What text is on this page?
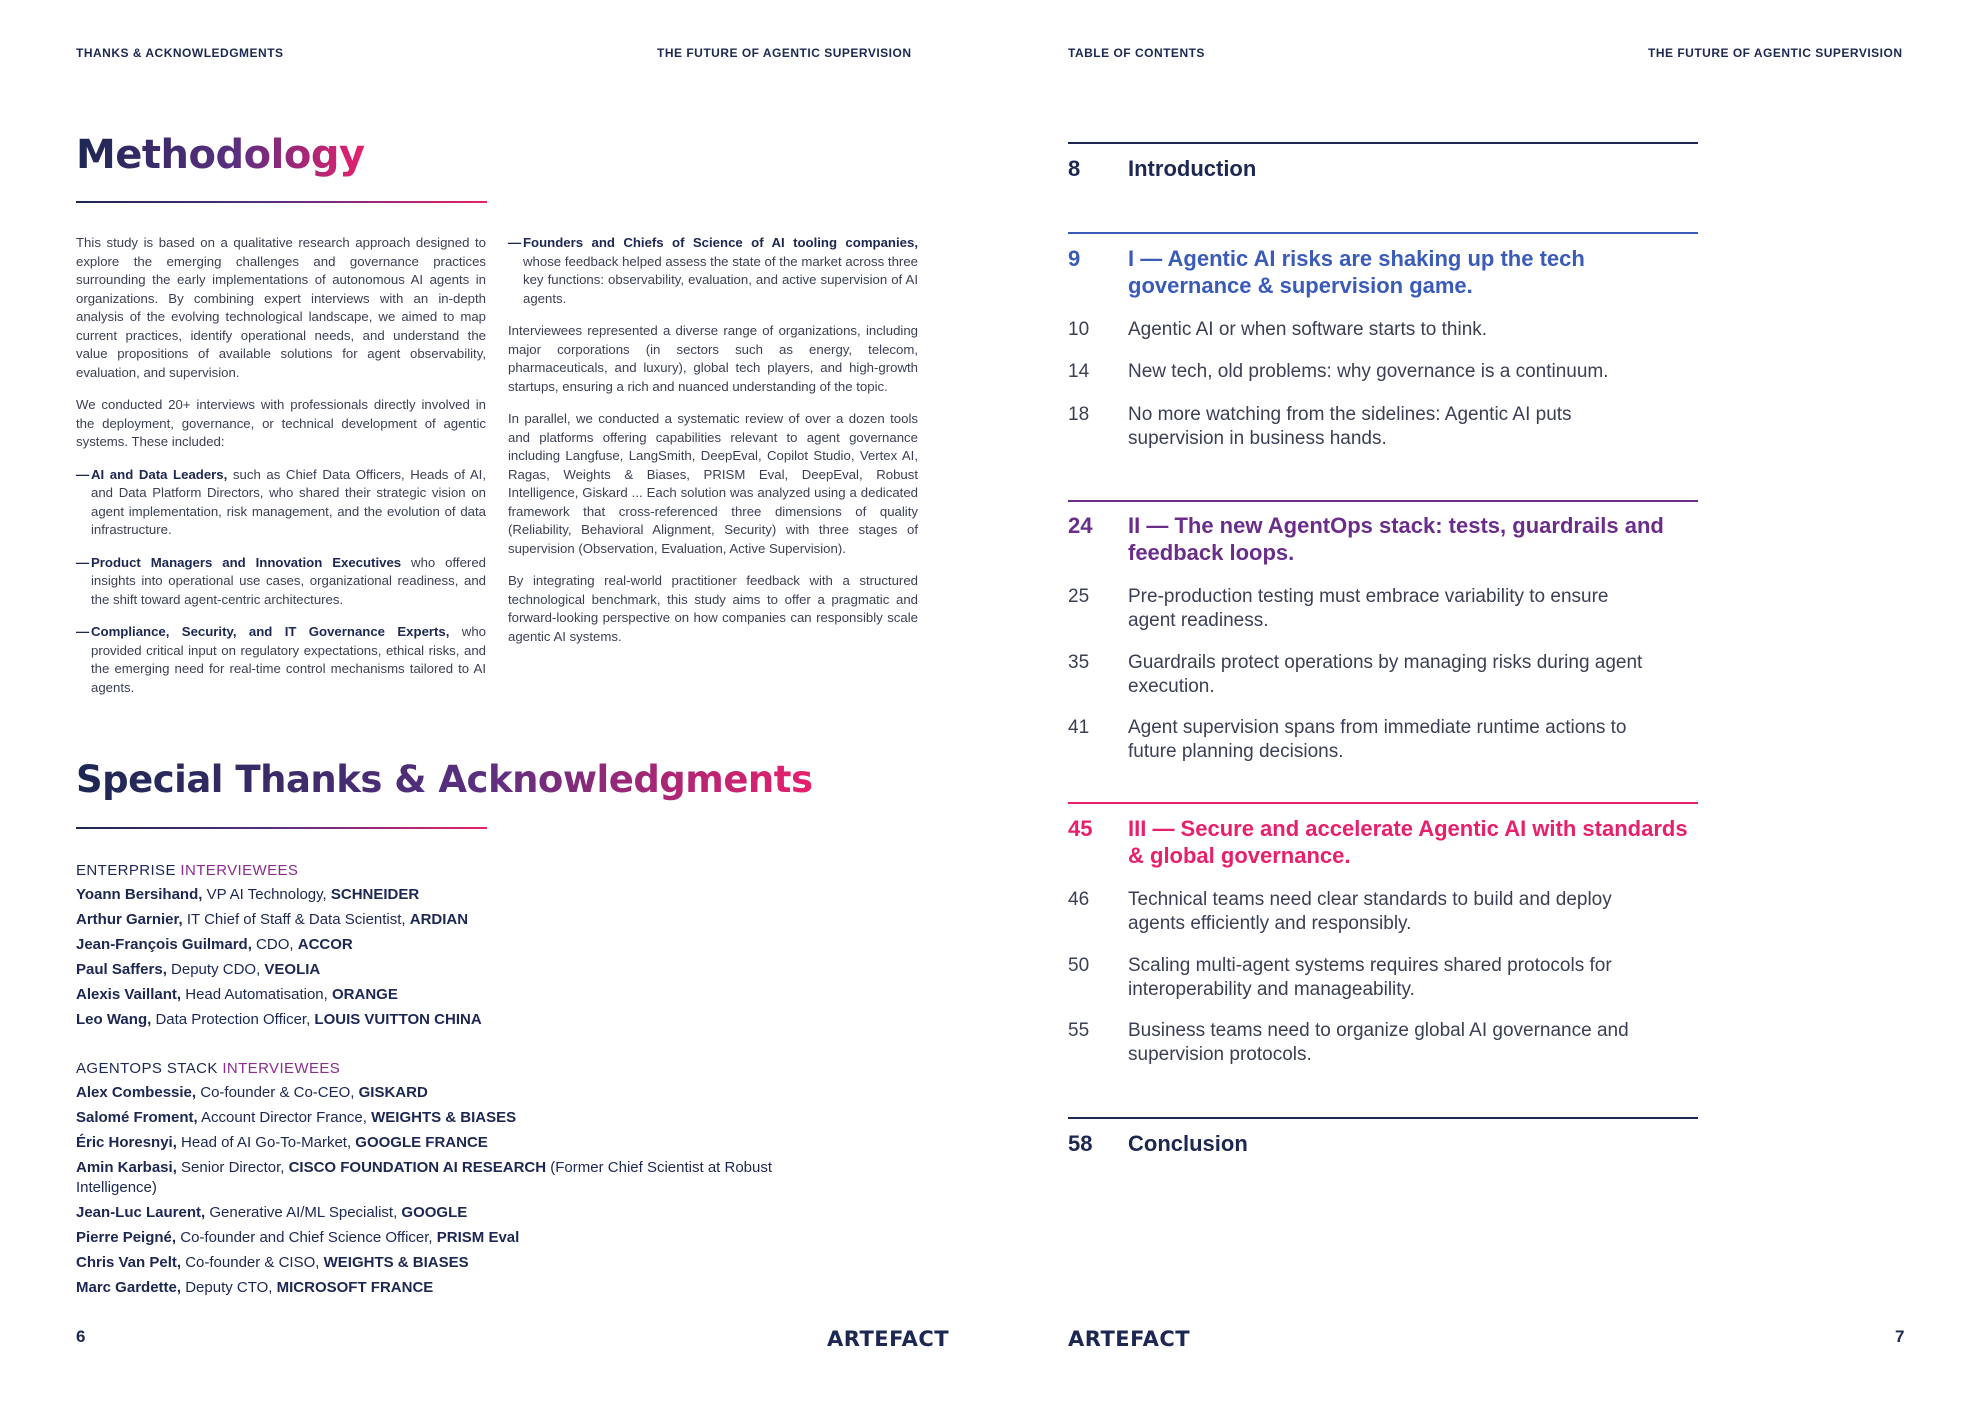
THANKS & ACKNOWLEDGMENTS	THE FUTURE OF AGENTIC SUPERVISION
Methodology

This study is based on a qualitative research approach designed to explore the emerging challenges and governance practices surrounding the early implementations of autonomous AI agents in organizations. By combining expert interviews with an in-depth analysis of the evolving technological landscape, we aimed to map current practices, identify operational needs, and understand the value propositions of available solutions for agent observability, evaluation, and supervision.

We conducted 20+ interviews with professionals directly involved in the deployment, governance, or technical development of agentic systems. These included:

— AI and Data Leaders, such as Chief Data Officers, Heads of AI, and Data Platform Directors, who shared their strategic vision on agent implementation, risk management, and the evolution of data infrastructure.
— Product Managers and Innovation Executives who offered insights into operational use cases, organizational readiness, and the shift toward agent-centric architectures.
— Compliance, Security, and IT Governance Experts, who provided critical input on regulatory expectations, ethical risks, and the emerging need for real-time control mechanisms tailored to AI agents.
— Founders and Chiefs of Science of AI tooling companies, whose feedback helped assess the state of the market across three key functions: observability, evaluation, and active supervision of AI agents.

Interviewees represented a diverse range of organizations, including major corporations (in sectors such as energy, telecom, pharmaceuticals, and luxury), global tech players, and high-growth startups, ensuring a rich and nuanced understanding of the topic.

In parallel, we conducted a systematic review of over a dozen tools and platforms offering capabilities relevant to agent governance including Langfuse, LangSmith, DeepEval, Copilot Studio, Vertex AI, Ragas, Weights & Biases, PRISM Eval, DeepEval, Robust Intelligence, Giskard ... Each solution was analyzed using a dedicated framework that cross-referenced three dimensions of quality (Reliability, Behavioral Alignment, Security) with three stages of supervision (Observation, Evaluation, Active Supervision).

By integrating real-world practitioner feedback with a structured technological benchmark, this study aims to offer a pragmatic and forward-looking perspective on how companies can responsibly scale agentic AI systems.

Special Thanks & Acknowledgments
ENTERPRISE INTERVIEWEES
Yoann Bersihand, VP AI Technology, SCHNEIDER
Arthur Garnier, IT Chief of Staff & Data Scientist, ARDIAN
Jean-François Guilmard, CDO, ACCOR
Paul Saffers, Deputy CDO, VEOLIA
Alexis Vaillant, Head Automatisation, ORANGE
Leo Wang, Data Protection Officer, LOUIS VUITTON CHINA
AGENTOPS STACK INTERVIEWEES
Alex Combessie, Co-founder & Co-CEO, GISKARD
Salomé Froment, Account Director France, WEIGHTS & BIASES
Éric Horesnyi, Head of AI Go-To-Market, GOOGLE FRANCE
Amin Karbasi, Senior Director, CISCO FOUNDATION AI RESEARCH (Former Chief Scientist at Robust Intelligence)
Jean-Luc Laurent, Generative AI/ML Specialist, GOOGLE
Pierre Peigné, Co-founder and Chief Science Officer, PRISM Eval
Chris Van Pelt, Co-founder & CISO, WEIGHTS & BIASES
Marc Gardette, Deputy CTO, MICROSOFT FRANCE
6	ARTEFACT
TABLE OF CONTENTS	THE FUTURE OF AGENTIC SUPERVISION
8 Introduction
9 I — Agentic AI risks are shaking up the tech governance & supervision game.
10 Agentic AI or when software starts to think.
14 New tech, old problems: why governance is a continuum.
18 No more watching from the sidelines: Agentic AI puts supervision in business hands.
24 II — The new AgentOps stack: tests, guardrails and feedback loops.
25 Pre-production testing must embrace variability to ensure agent readiness.
35 Guardrails protect operations by managing risks during agent execution.
41 Agent supervision spans from immediate runtime actions to future planning decisions.
45 III — Secure and accelerate Agentic AI with standards & global governance.
46 Technical teams need clear standards to build and deploy agents efficiently and responsibly.
50 Scaling multi-agent systems requires shared protocols for interoperability and manageability.
55 Business teams need to organize global AI governance and supervision protocols.
58 Conclusion
ARTEFACT	7
